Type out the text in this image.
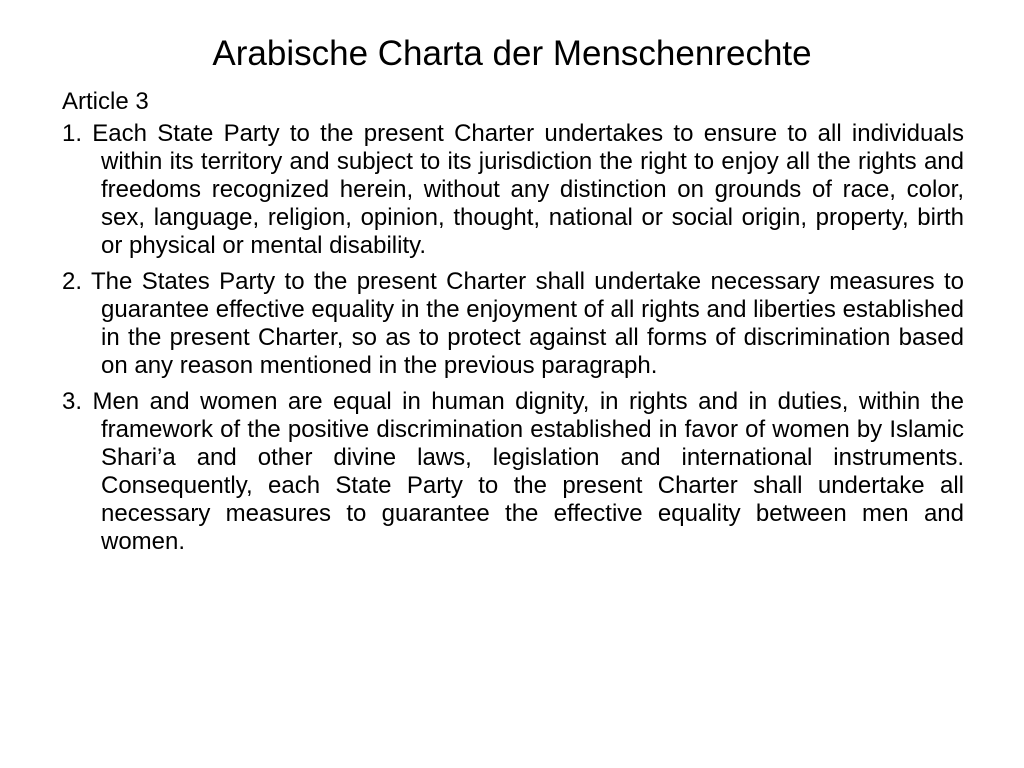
Arabische Charta der Menschenrechte
Article 3

1. Each State Party to the present Charter undertakes to ensure to all individuals within its territory and subject to its jurisdiction the right to enjoy all the rights and freedoms recognized herein, without any distinction on grounds of race, color, sex, language, religion, opinion, thought, national or social origin, property, birth or physical or mental disability.

2. The States Party to the present Charter shall undertake necessary measures to guarantee effective equality in the enjoyment of all rights and liberties established in the present Charter, so as to protect against all forms of discrimination based on any reason mentioned in the previous paragraph.

3. Men and women are equal in human dignity, in rights and in duties, within the framework of the positive discrimination established in favor of women by Islamic Shari’a and other divine laws, legislation and international instruments. Consequently, each State Party to the present Charter shall undertake all necessary measures to guarantee the effective equality between men and women.
